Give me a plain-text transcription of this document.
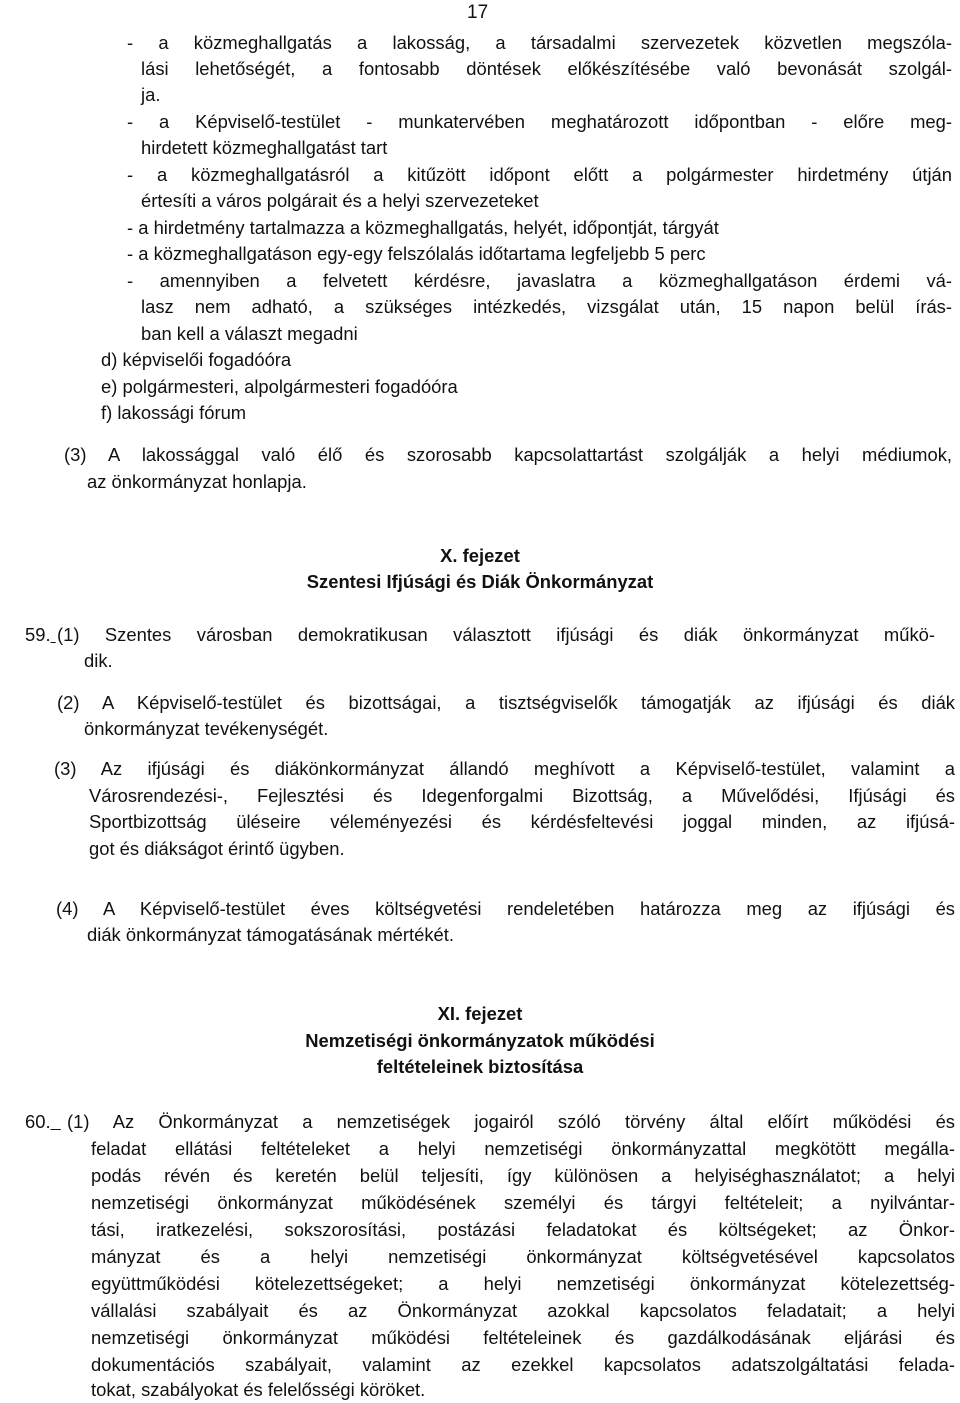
17
- a közmeghallgatás a lakosság, a társadalmi szervezetek közvetlen megszóla-
lási lehetőségét, a fontosabb döntések előkészítésébe való bevonását szolgál-
ja.
- a Képviselő-testület - munkatervében meghatározott időpontban - előre meg-
hirdetett közmeghallgatást tart
- a közmeghallgatásról a kitűzött időpont előtt a polgármester hirdetmény útján
értesíti a város polgárait és a helyi szervezeteket
- a hirdetmény tartalmazza a közmeghallgatás, helyét, időpontját, tárgyát
- a közmeghallgatáson egy-egy felszólalás időtartama legfeljebb 5 perc
- amennyiben a felvetett kérdésre, javaslatra a közmeghallgatáson érdemi vá-
lasz nem adható, a szükséges intézkedés, vizsgálat után, 15 napon belül írás-
ban kell a választ megadni
d) képviselői fogadóóra
e) polgármesteri, alpolgármesteri fogadóóra
f) lakossági fórum
(3) A lakossággal való élő és szorosabb kapcsolattartást szolgálják a helyi médiumok,
az önkormányzat honlapja.
X. fejezet
Szentesi Ifjúsági és Diák Önkormányzat
59. (1) Szentes városban demokratikusan választott ifjúsági és diák önkormányzat műkö-
dik.
(2) A Képviselő-testület és bizottságai, a tisztségviselők támogatják az ifjúsági és diák
önkormányzat tevékenységét.
(3) Az ifjúsági és diákönkormányzat állandó meghívott a Képviselő-testület, valamint a
Városrendezési-, Fejlesztési és Idegenforgalmi Bizottság, a Művelődési, Ifjúsági és
Sportbizottság üléseire véleményezési és kérdésfeltevési joggal minden, az ifjúsá-
got és diákságot érintő ügyben.
(4) A Képviselő-testület éves költségvetési rendeletében határozza meg az ifjúsági és
diák önkormányzat támogatásának mértékét.
XI. fejezet
Nemzetiségi önkormányzatok működési
feltételeinek biztosítása
60. (1) Az Önkormányzat a nemzetiségek jogairól szóló törvény által előírt működési és
feladat ellátási feltételeket a helyi nemzetiségi önkormányzattal megkötött megálla-
podás révén és keretén belül teljesíti, így különösen a helyiséghasználatot; a helyi
nemzetiségi önkormányzat működésének személyi és tárgyi feltételeit; a nyilvántar-
tási, iratkezelési, sokszorosítási, postázási feladatokat és költségeket; az Önkor-
mányzat és a helyi nemzetiségi önkormányzat költségvetésével kapcsolatos
együttműködési kötelezettségeket; a helyi nemzetiségi önkormányzat kötelezettség-
vállalási szabályait és az Önkormányzat azokkal kapcsolatos feladatait; a helyi
nemzetiségi önkormányzat működési feltételeinek és gazdálkodásának eljárási és
dokumentációs szabályait, valamint az ezekkel kapcsolatos adatszolgáltatási felada-
tokat, szabályokat és felelősségi köröket.
